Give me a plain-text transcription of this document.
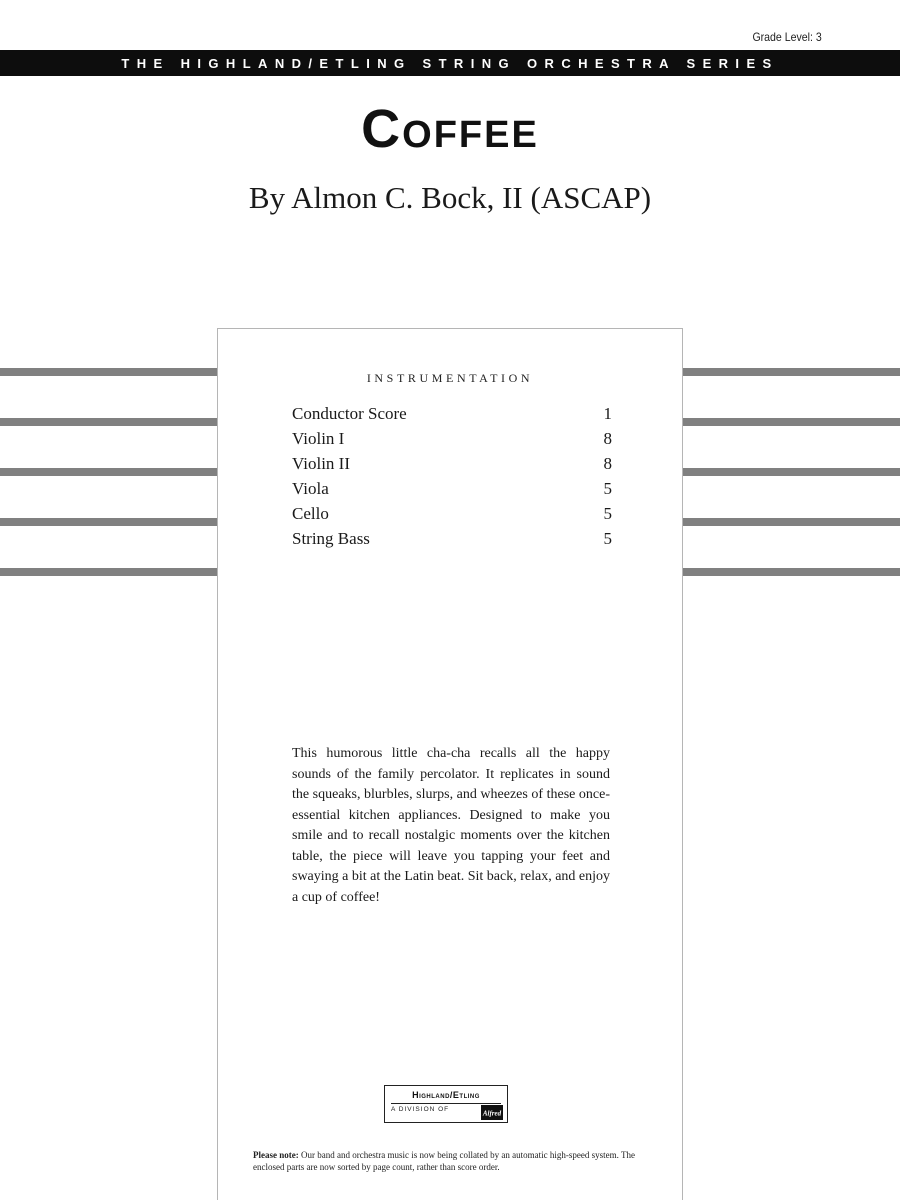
Grade Level: 3
THE HIGHLAND/ETLING STRING ORCHESTRA SERIES
Coffee
By Almon C. Bock, II (ASCAP)
INSTRUMENTATION
Conductor Score	1
Violin I	8
Violin II	8
Viola	5
Cello	5
String Bass	5

This humorous little cha-cha recalls all the happy sounds of the family percolator. It replicates in sound the squeaks, blurbles, slurps, and wheezes of these once-essential kitchen appliances. Designed to make you smile and to recall nostalgic moments over the kitchen table, the piece will leave you tapping your feet and swaying a bit at the Latin beat. Sit back, relax, and enjoy a cup of coffee!

Highland/Etling
A DIVISION OF	Alfred

Please note: Our band and orchestra music is now being collated by an automatic high-speed system. The enclosed parts are now sorted by page count, rather than score order.
